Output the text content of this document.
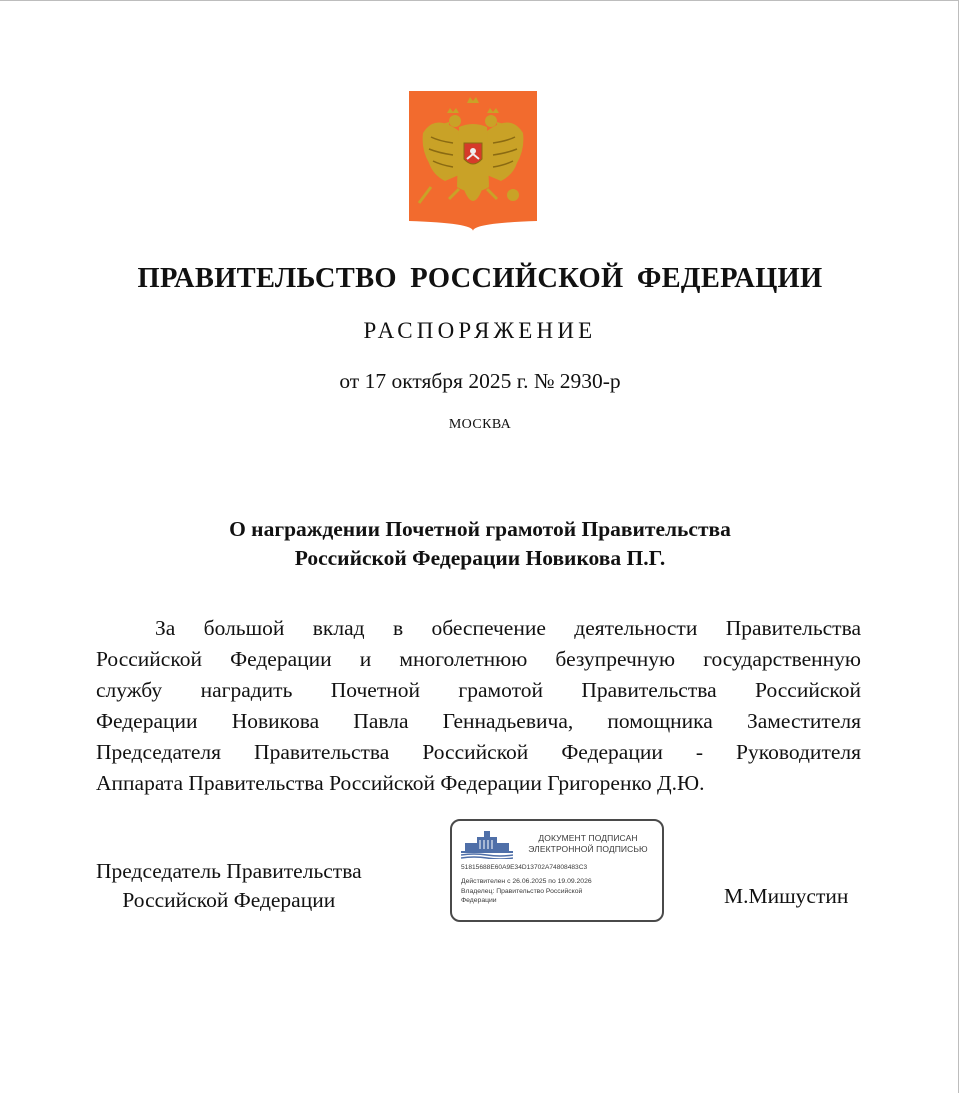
ПРАВИТЕЛЬСТВО РОССИЙСКОЙ ФЕДЕРАЦИИ
РАСПОРЯЖЕНИЕ
от 17 октября 2025 г. № 2930-р
МОСКВА
О награждении Почетной грамотой Правительства
Российской Федерации Новикова П.Г.
За большой вклад в обеспечение деятельности Правительства
Российской Федерации и многолетнюю безупречную государственную
службу наградить Почетной грамотой Правительства Российской
Федерации Новикова Павла Геннадьевича, помощника Заместителя
Председателя Правительства Российской Федерации - Руководителя
Аппарата Правительства Российской Федерации Григоренко Д.Ю.
Председатель Правительства
Российской Федерации
ДОКУМЕНТ ПОДПИСАН
ЭЛЕКТРОННОЙ ПОДПИСЬЮ
51815688E60A9E34D13702A74808483C3
Действителен с 26.06.2025 по 19.09.2026
Владелец: Правительство Российской
Федерации	М.Мишустин
